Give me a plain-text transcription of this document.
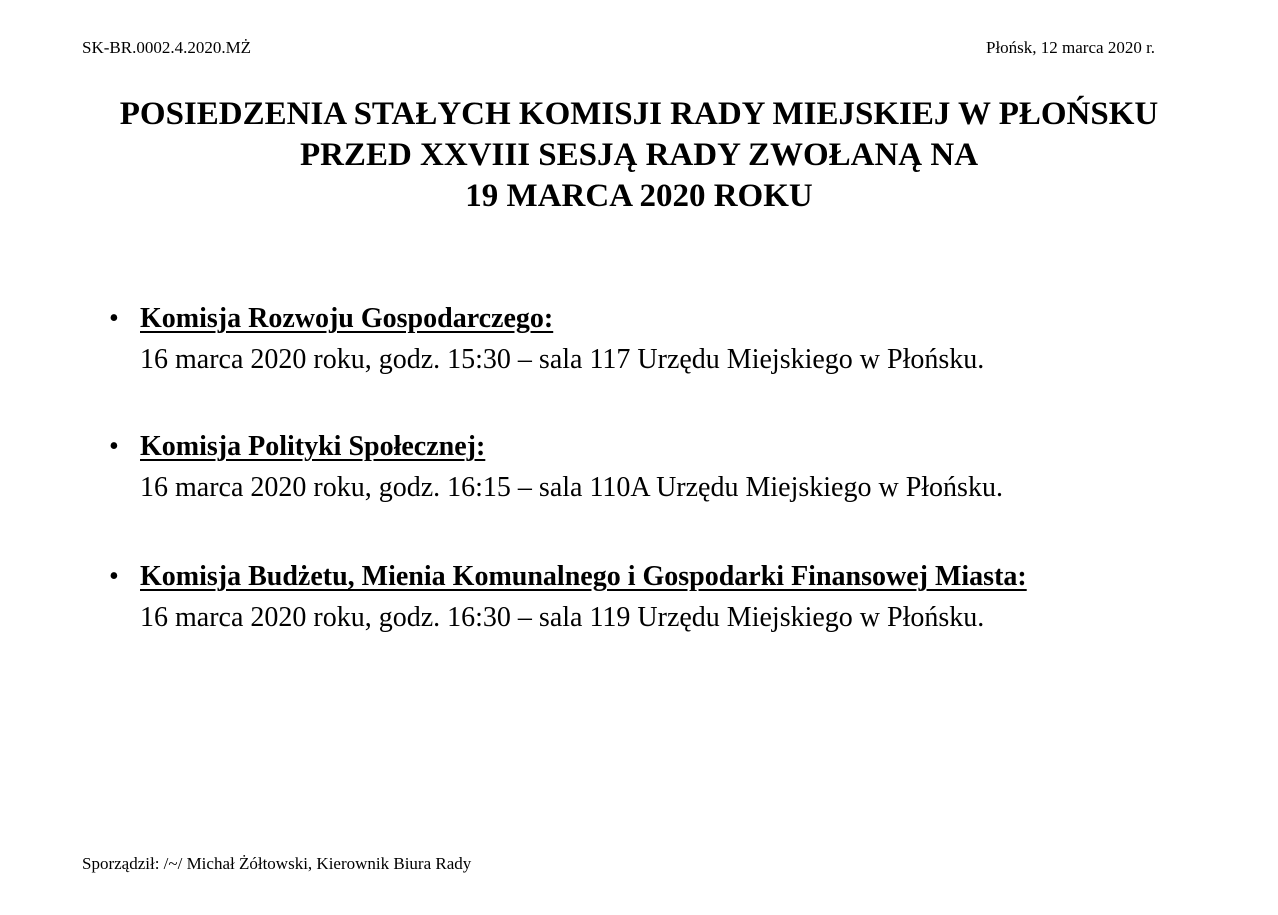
SK-BR.0002.4.2020.MŻ	Płońsk, 12 marca 2020 r.
POSIEDZENIA STAŁYCH KOMISJI RADY MIEJSKIEJ W PŁOŃSKU
PRZED XXVIII SESJĄ RADY ZWOŁANĄ NA
19 MARCA 2020 ROKU
• Komisja Rozwoju Gospodarczego:
16 marca 2020 roku, godz. 15:30 – sala 117 Urzędu Miejskiego w Płońsku.
• Komisja Polityki Społecznej:
16 marca 2020 roku, godz. 16:15 – sala 110A Urzędu Miejskiego w Płońsku.
• Komisja Budżetu, Mienia Komunalnego i Gospodarki Finansowej Miasta:
16 marca 2020 roku, godz. 16:30 – sala 119 Urzędu Miejskiego w Płońsku.
Sporządził: /~/ Michał Żółtowski, Kierownik Biura Rady
